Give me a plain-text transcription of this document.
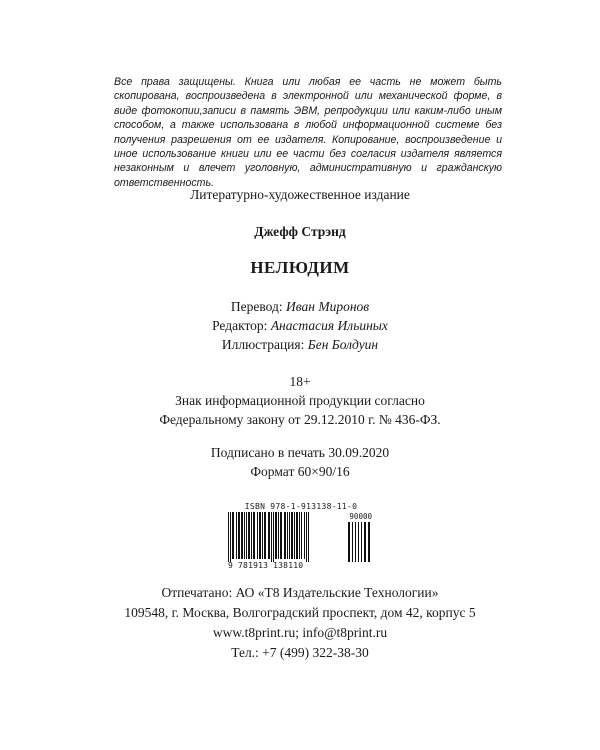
Все права защищены. Книга или любая ее часть не может быть скопирована, воспроизведена в электронной или механической форме, в виде фотокопии,записи в память ЭВМ, репродукции или каким-либо иным способом, а также использована в любой информационной системе без получения разрешения от ее издателя. Копирование, воспроизведение и иное использование книги или ее части без согласия издателя является незаконным и влечет уголовную, административную и гражданскую ответственность.

Литературно-художественное издание
Джефф Стрэнд
НЕЛЮДИМ
Перевод: Иван Миронов
Редактор: Анастасия Ильиных
Иллюстрация: Бен Болдуин
18+
Знак информационной продукции согласно
Федеральному закону от 29.12.2010 г. № 436-ФЗ.
Подписано в печать 30.09.2020
Формат 60×90/16
ISBN 978-1-913138-11-0
90000
9 781913 138110
Отпечатано: АО «Т8 Издательские Технологии»
109548, г. Москва, Волгоградский проспект, дом 42, корпус 5
www.t8print.ru; info@t8print.ru
Тел.: +7 (499) 322-38-30
